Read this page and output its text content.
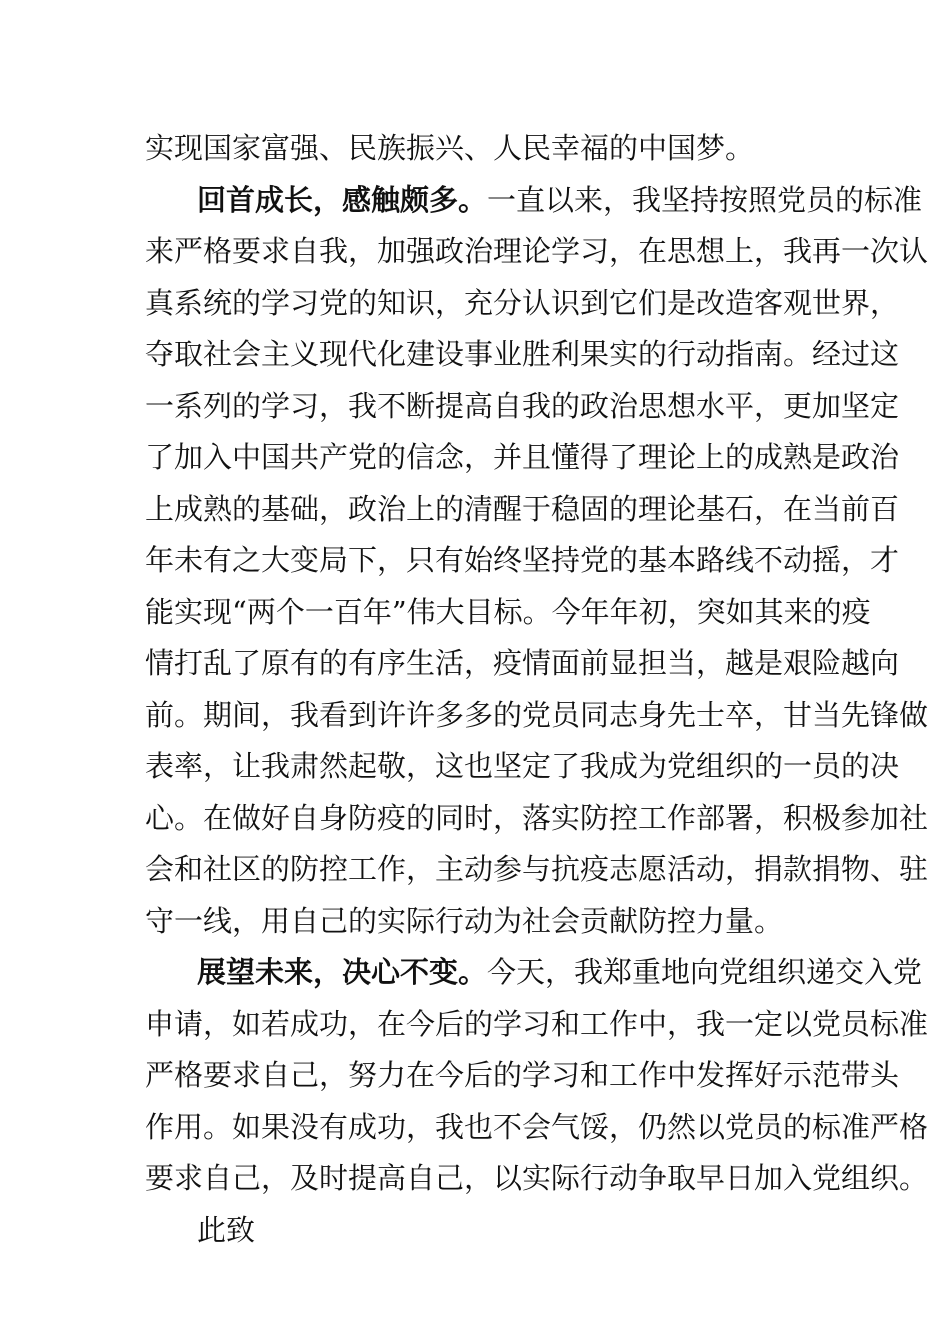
实现国家富强、民族振兴、人民幸福的中国梦。
回首成长，感触颇多。一直以来，我坚持按照党员的标准
来严格要求自我，加强政治理论学习，在思想上，我再一次认
真系统的学习党的知识，充分认识到它们是改造客观世界，
夺取社会主义现代化建设事业胜利果实的行动指南。经过这
一系列的学习，我不断提高自我的政治思想水平，更加坚定
了加入中国共产党的信念，并且懂得了理论上的成熟是政治
上成熟的基础，政治上的清醒于稳固的理论基石，在当前百
年未有之大变局下，只有始终坚持党的基本路线不动摇，才
能实现“两个一百年”伟大目标。今年年初，突如其来的疫
情打乱了原有的有序生活，疫情面前显担当，越是艰险越向
前。期间，我看到许许多多的党员同志身先士卒，甘当先锋做
表率，让我肃然起敬，这也坚定了我成为党组织的一员的决
心。在做好自身防疫的同时，落实防控工作部署，积极参加社
会和社区的防控工作，主动参与抗疫志愿活动，捐款捐物、驻
守一线，用自己的实际行动为社会贡献防控力量。
展望未来，决心不变。今天，我郑重地向党组织递交入党
申请，如若成功，在今后的学习和工作中，我一定以党员标准
严格要求自己，努力在今后的学习和工作中发挥好示范带头
作用。如果没有成功，我也不会气馁，仍然以党员的标准严格
要求自己，及时提高自己，以实际行动争取早日加入党组织。
此致
